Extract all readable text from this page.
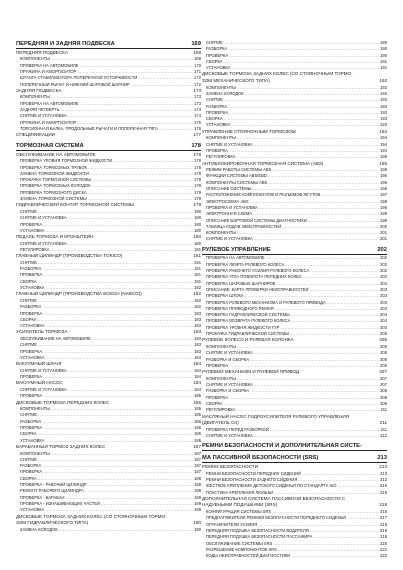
ПЕРЕДНЯЯ И ЗАДНЯЯ ПОДВЕСКА	169
ПЕРЕДНЯЯ ПОДВЕСКА	169
КОМПОНЕНТЫ .....	169
ПРОВЕРКА НА АВТОМОБИЛЕ .....	170
ПРУЖИНА И АМОРТИЗАТОР .....	171
ШТАНГА СТАБИЛИЗАТОРА ПОПЕРЕЧНОЙ УСТОЙЧИВОСТИ .....	172
ПОПЕРЕЧНЫЙ РЫЧАГ И НИЖНИЙ ШАРОВОЙ ШАРНИР .....	172
ЗАДНЯЯ ПОДВЕСКА	173
КОМПОНЕНТЫ .....	173
ПРОВЕРКА НА АВТОМОБИЛЕ .....	173
ЗАДНЯЯ ЧЕТВЕРТЬ .....	174
СНЯТИЕ И УСТАНОВКА .....	174
ПРУЖИНА И АМОРТИЗАТОР .....	175
ТОРСИОННАЯ БАЛКА, ПРОДОЛЬНЫЕ РЫЧАГИ И ПОПЕРЕЧНАЯ ТЯГА .....	176
СПЕЦИФИКАЦИИ	177
ТОРМОЗНАЯ СИСТЕМА	178
ОБСЛУЖИВАНИЕ НА АВТОМОБИЛЕ	178
ПРОВЕРКА УРОВНЯ ТОРМОЗНОЙ ЖИДКОСТИ .....	178
ПРОВЕРКА ТОРМОЗНЫХ ТРУБОК .....	178
ЗАМЕНА ТОРМОЗНОЙ ЖИДКОСТИ .....	178
ПРОКАЧКА ТОРМОЗНОЙ СИСТЕМЫ .....	178
ПРОВЕРКА ТОРМОЗНЫХ КОЛОДОК .....	179
ПРОВЕРКА ТОРМОЗНОГО ДИСКА .....	179
ЗАМЕНА ТОРМОЗНОЙ СИСТЕМЫ .....	179
ГИДРАВЛИЧЕСКИЙ КОНТУР ТОРМОЗНОЙ СИСТЕМЫ	179
СНЯТИЕ .....	180
СНЯТИЕ И УСТАНОВКА .....	180
ПРОВЕРКА .....	180
УСТАНОВКА .....	180
ПЕДАЛЬ ТОРМОЗА И КРОНШТЕЙН	180
СНЯТИЕ И УСТАНОВКА .....	180
РЕГУЛИРОВКА .....	181
ГЛАВНЫЙ ЦИЛИНДР (ПРОИЗВОДСТВА TOKICO)	181
СНЯТИЕ .....	181
РАЗБОРКА .....	181
ПРОВЕРКА .....	181
СБОРКА .....	181
УСТАНОВКА .....	182
ГЛАВНЫЙ ЦИЛИНДР (ПРОИЗВОДСТВА BOSCH (NABCO))	182
СНЯТИЕ .....	182
РАЗБОРКА .....	182
ПРОВЕРКА .....	183
СБОРКА .....	183
УСТАНОВКА .....	183
УСИЛИТЕЛЬ ТОРМОЗА	183
ОБСЛУЖИВАНИЕ НА АВТОМОБИЛЕ .....	183
СНЯТИЕ .....	183
ПРОВЕРКА .....	183
УСТАНОВКА .....	184
ВАКУУМНЫЙ ШЛАНГ	184
СНЯТИЕ И УСТАНОВКА .....	184
ПРОВЕРКА .....	184
ВАКУУМНЫЙ НАСОС	184
СНЯТИЕ И УСТАНОВКА .....	184
ПРОВЕРКА .....	185
ДИСКОВЫЕ ТОРМОЗА ПЕРЕДНИХ КОЛЕС	185
КОМПОНЕНТЫ .....	185
СНЯТИЕ .....	185
РАЗБОРКА .....	186
ПРОВЕРКА .....	186
СБОРКА .....	186
УСТАНОВКА .....	186
БАРАБАННЫЙ ТОРМОЗ ЗАДНИХ КОЛЕС	187
КОМПОНЕНТЫ .....	187
СНЯТИЕ .....	187
РАЗБОРКА .....	187
ПРОВЕРКА .....	187
СБОРКА .....	188
ПРОВЕРКА - РАБОЧИЙ ЦИЛИНДР .....	188
РЕМОНТ РАБОЧЕГО ЦИЛИНДРА .....	188
ПРОВЕРКА - БАРАБАН .....	189
ПРОВЕРКА - ИЗНАШИВАЮЩИХ ЧАСТЕЙ .....	189
УСТАНОВКА .....	189
ДИСКОВЫЕ ТОРМОЗА ЗАДНИХ КОЛЕС (СО СТОЯНОЧНЫМ ТОРМО-
ЗОМ ГИДРАВЛИЧЕСКОГО ТИПА)	190
ЗАМЕНА КОЛОДОК .....	190
СНЯТИЕ .....	190
РАЗБОРКА .....	190
ПРОВЕРКА .....	190
СБОРКА .....	191
УСТАНОВКА .....	191
ДИСКОВЫЕ ТОРМОЗА ЗАДНИХ КОЛЕС (СО СТОЯНОЧНЫМ ТОРМО-
ЗОМ МЕХАНИЧЕСКОГО ТИПА)	192
КОМПОНЕНТЫ .....	192
ЗАМЕНА КОЛОДОК .....	192
СНЯТИЕ .....	193
РАЗБОРКА .....	193
ПРОВЕРКА .....	193
СБОРКА .....	193
УСТАНОВКА .....	193
УПРАВЛЕНИЕ СТОЯНОЧНЫМ ТОРМОЗОМ	194
КОМПОНЕНТЫ .....	194
СНЯТИЕ И УСТАНОВКА .....	194
ПРОВЕРКА .....	194
РЕГУЛИРОВКА .....	195
АНТИБЛОКИРОВОЧНАЯ ТОРМОЗНАЯ СИСТЕМА (ABS)	195
РЕЖИМ РАБОТЫ СИСТЕМЫ ABS .....	195
ФУНКЦИИ СИСТЕМЫ ABS/EBD .....	195
КОМПОНЕНТЫ СИСТЕМЫ ABS .....	196
ОПИСАНИЕ СИСТЕМЫ .....	196
РАСПОЛОЖЕНИЕ КОМПОНЕНТОВ И РАЗЪЕМОВ ЖГУТОВ .....	197
ЭЛЕКТРОСХЕМА ABS .....	198
ПРОВЕРКА И УСТАНОВКА .....	198
ЭЛЕКТРОННАЯ СХЕМА .....	199
ОПИСАНИЕ БОРТОВОЙ СИСТЕМЫ ДИАГНОСТИКИ .....	199
ТАБЛИЦА КОДОВ НЕИСПРАВНОСТЕЙ .....	200
КОМПОНЕНТЫ .....	201
СНЯТИЕ И УСТАНОВКА .....	201
РУЛЕВОЕ УПРАВЛЕНИЕ	202
ПРОВЕРКА НА АВТОМОБИЛЕ .....	202
ПРОВЕРКА ЛЮФТА РУЛЕВОГО КОЛЕСА .....	202
ПРОВЕРКА РАБОЧЕГО УСИЛИЯ РУЛЕВОГО КОЛЕСА .....	202
ПРОВЕРКА УГЛА ПОВОРОТА ПЕРЕДНИХ КОЛЕС .....	202
ПРОВЕРКА ШАРОВЫХ ШАРНИРОВ .....	202
ОПИСАНИЕ: КАРТА ПРОВЕРКИ НЕИСПРАВНОСТЕЙ .....	203
ПРОВЕРКА ШТОКА .....	203
ПРОВЕРКА РУЛЕВОГО МЕХАНИЗМА И РУЛЕВОГО ПРИВОДА .....	203
ПРОВЕРКА ПРИВОДНОГО РЕМНЯ .....	203
ПРОВЕРКА ГИДРАВЛИЧЕСКОЙ СИСТЕМЫ .....	204
ПРОВЕРКА ВОЗВРАТА РУЛЕВОГО КОЛЕСА .....	204
ПРОВЕРКА УРОВНЯ ЖИДКОСТИ ГУР .....	204
ПРОКАЧКА ГИДРАВЛИЧЕСКОЙ СИСТЕМЫ .....	205
РУЛЕВОЕ КОЛЕСО И РУЛЕВАЯ КОЛОНКА	205
КОМПОНЕНТЫ .....	205
СНЯТИЕ И УСТАНОВКА .....	205
РАЗБОРКА И СБОРКА .....	206
ПРОВЕРКА .....	206
РУЛЕВОЙ МЕХАНИЗМ И РУЛЕВОЙ ПРИВОД	207
КОМПОНЕНТЫ .....	207
СНЯТИЕ И УСТАНОВКА .....	207
РАЗБОРКА И СБОРКА .....	208
ПРОВЕРКА .....	209
СБОРКА .....	209
РЕГУЛИРОВКА .....	211
МАСЛЯНЫЙ НАСОС ГИДРОУСИЛИТЕЛЯ РУЛЕВОГО УПРАВЛЕНИЯ
(ДВИГАТЕЛЬ G4)	211
ПРОВЕРКА ПЕРЕД РАЗБОРКОЙ .....	211
СНЯТИЕ И УСТАНОВКА .....	212
РЕМНИ БЕЗОПАСНОСТИ И ДОПОЛНИТЕЛЬНАЯ СИСТЕ-
МА ПАССИВНОЙ БЕЗОПАСНОСТИ (SRS)	213
РЕМНИ БЕЗОПАСНОСТИ	213
РЕМНИ БЕЗОПАСНОСТИ ПЕРЕДНИХ СИДЕНИЙ .....	213
РЕМНИ БЕЗОПАСНОСТИ ЗАДНЕГО СИДЕНИЯ .....	213
ЖЕСТКОЕ КРЕПЛЕНИЕ ДЕТСКОГО СИДЕНЬЯ ПО СТАНДАРТУ ISO .....	215
ПЛАСТИНА КРЕПЛЕНИЯ ЛЮЛЬКИ .....	215
ДОПОЛНИТЕЛЬНАЯ СИСТЕМА ПАССИВНОЙ БЕЗОПАСНОСТИ С
НАДУВНЫМИ ПОДУШКАМИ (SRS)	216
КОНФИГУРАЦИЯ СИСТЕМЫ SRS .....	216
ПРЕДНАТЯЖИТЕЛИ РЕМНЕЙ БЕЗОПАСНОСТИ ПЕРЕДНЕГО СИДЕНЬЯ .....	217
ОГРАНИЧИТЕЛИ УСИЛИЯ .....	218
ПЕРЕДНЯЯ ПОДУШКА БЕЗОПАСНОСТИ ВОДИТЕЛЯ .....	219
ПЕРЕДНЯЯ ПОДУШКА БЕЗОПАСНОСТИ ПАССАЖИРА .....	219
ОБСЛУЖИВАНИЕ СИСТЕМЫ SRS .....	220
РАЗРЕШЕНИЕ КОМПОНЕНТОВ SRS .....	221
КОДЫ НЕИСПРАВНОСТЕЙ ДИАГНОСТИКИ .....	222
